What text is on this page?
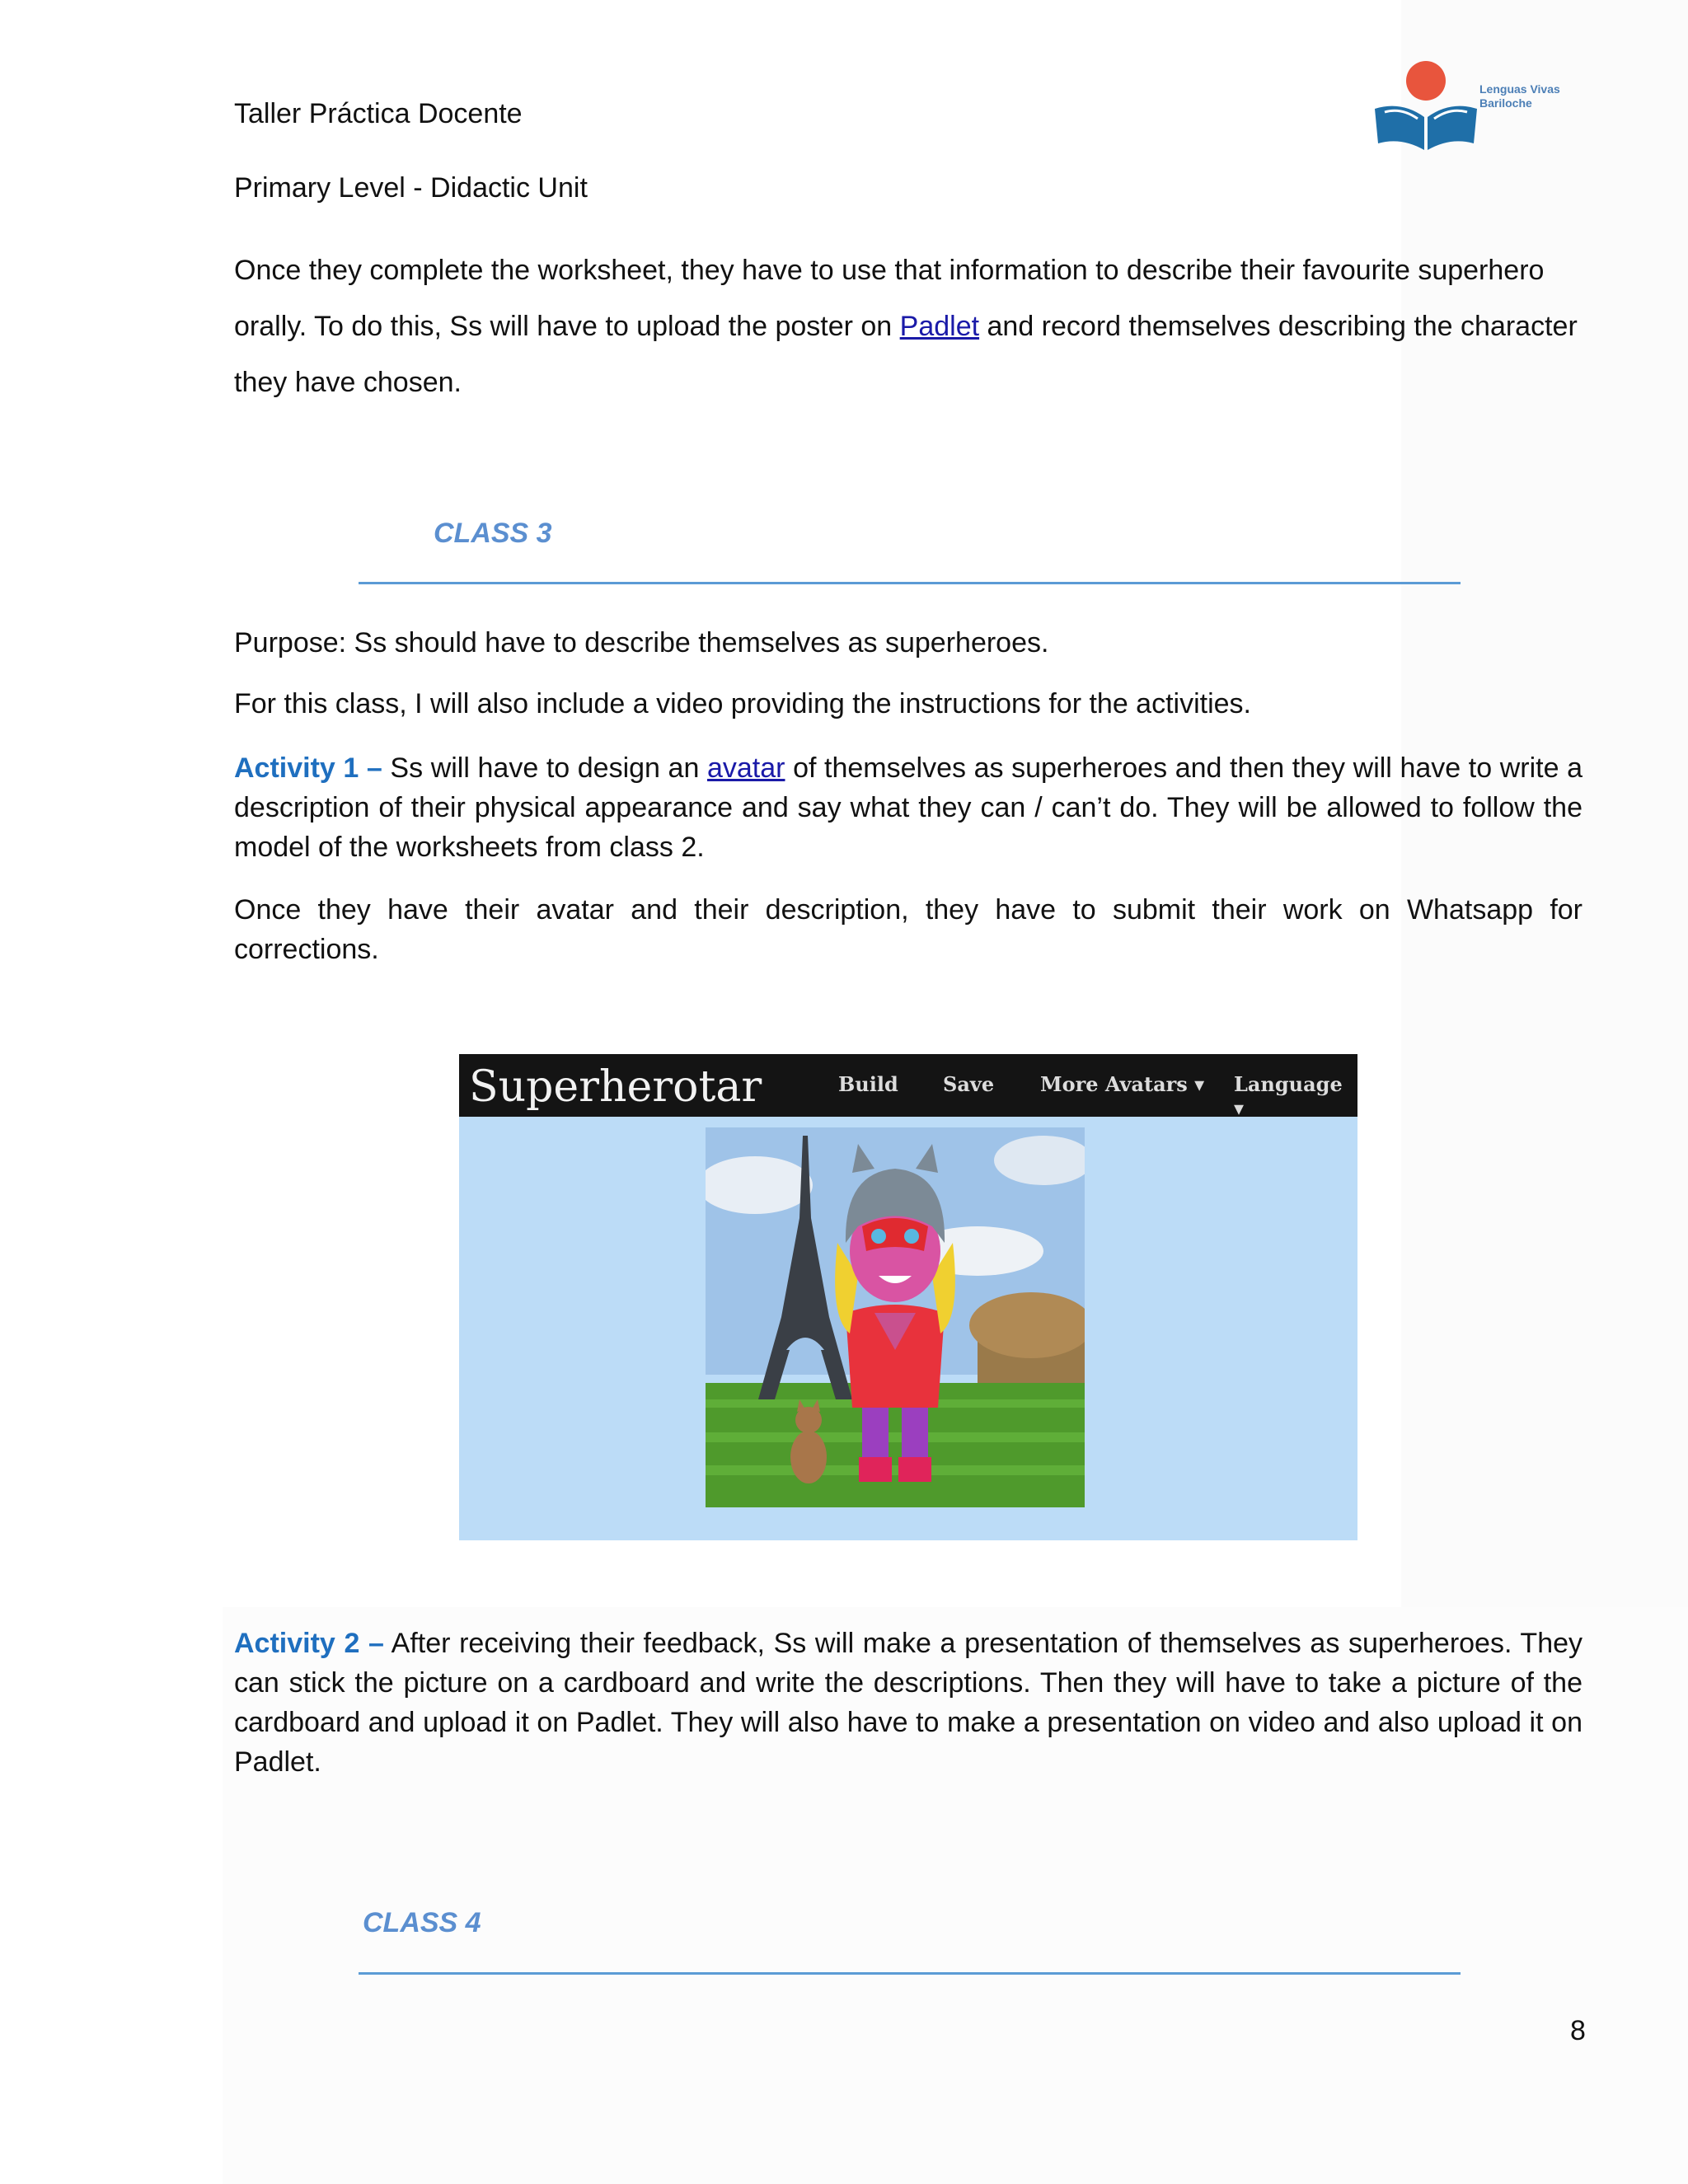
Taller Práctica Docente
Primary Level - Didactic Unit
Lenguas Vivas
Bariloche
Once they complete the worksheet, they have to use that information to describe their favourite superhero orally. To do this, Ss will have to upload the poster on Padlet and record themselves describing the character they have chosen.
CLASS 3
Purpose: Ss should have to describe themselves as superheroes.
For this class, I will also include a video providing the instructions for the activities.
Activity 1 – Ss will have to design an avatar of themselves as superheroes and then they will have to write a description of their physical appearance and say what they can / can’t do. They will be allowed to follow the model of the worksheets from class 2.
Once they have their avatar and their description, they have to submit their work on Whatsapp for corrections.
Superherotar	Build Save More Avatars ▾ Language ▾
Activity 2 – After receiving their feedback, Ss will make a presentation of themselves as superheroes. They can stick the picture on a cardboard and write the descriptions. Then they will have to take a picture of the cardboard and upload it on Padlet. They will also have to make a presentation on video and also upload it on Padlet.
CLASS 4
8
